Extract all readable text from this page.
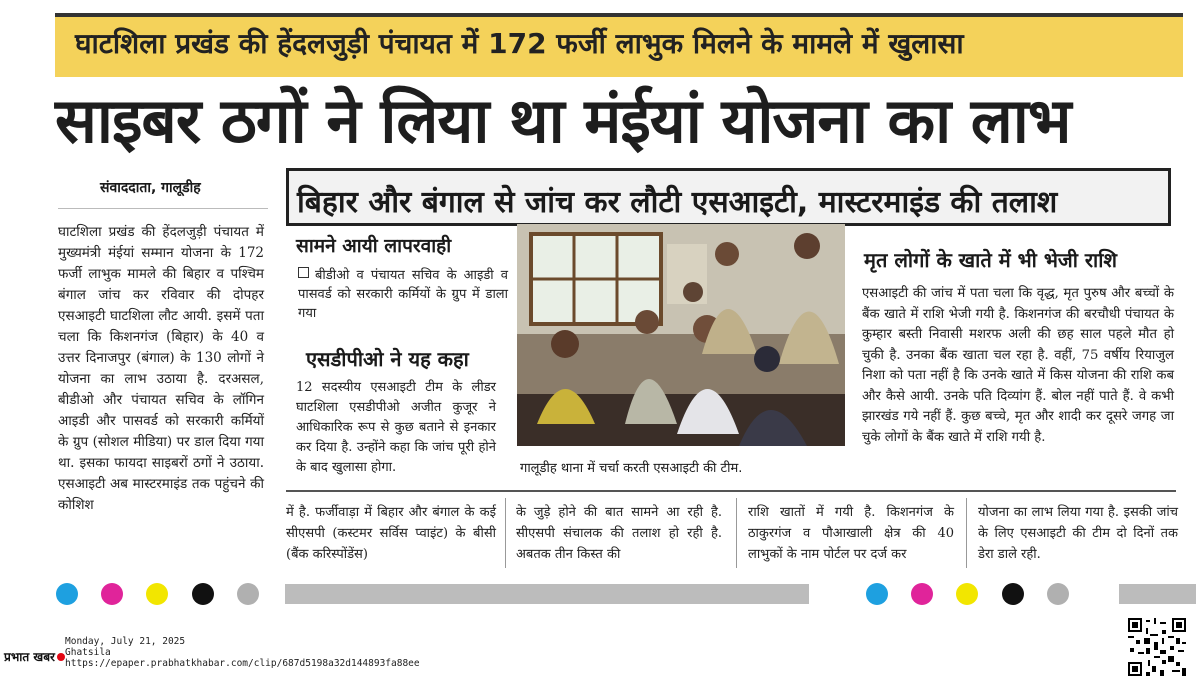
घाटशिला प्रखंड की हेंदलजुड़ी पंचायत में 172 फर्जी लाभुक मिलने के मामले में खुलासा
साइबर ठगों ने लिया था मंईयां योजना का लाभ
संवाददाता, गालूडीह	बिहार और बंगाल से जांच कर लौटी एसआइटी, मास्टरमाइंड की तलाश
घाटशिला प्रखंड की हेंदलजुड़ी पंचायत में मुख्यमंत्री मंईयां सम्मान योजना के 172 फर्जी लाभुक मामले की बिहार व पश्चिम बंगाल जांच कर रविवार की दोपहर एसआइटी घाटशिला लौट आयी. इसमें पता चला कि किशनगंज (बिहार) के 40 व उत्तर दिनाजपुर (बंगाल) के 130 लोगों ने योजना का लाभ उठाया है. दरअसल, बीडीओ और पंचायत सचिव के लॉगिन आइडी और पासवर्ड को सरकारी कर्मियों के ग्रुप (सोशल मीडिया) पर डाल दिया गया था. इसका फायदा साइबरों ठगों ने उठाया. एसआइटी अब मास्टरमाइंड तक पहुंचने की कोशिश
सामने आयी लापरवाही
बीडीओ व पंचायत सचिव के आइडी व पासवर्ड को सरकारी कर्मियों के ग्रुप में डाला गया
एसडीपीओ ने यह कहा
12 सदस्यीय एसआइटी टीम के लीडर घाटशिला एसडीपीओ अजीत कुजूर ने आधिकारिक रूप से कुछ बताने से इनकार कर दिया है. उन्होंने कहा कि जांच पूरी होने के बाद खुलासा होगा.	गालूडीह थाना में चर्चा करती एसआइटी की टीम.
मृत लोगों के खाते में भी भेजी राशि
एसआइटी की जांच में पता चला कि वृद्ध, मृत पुरुष और बच्चों के बैंक खाते में राशि भेजी गयी है. किशनगंज की बरचौधी पंचायत के कुम्हार बस्ती निवासी मशरफ अली की छह साल पहले मौत हो चुकी है. उनका बैंक खाता चल रहा है. वहीं, 75 वर्षीय रियाजुल निशा को पता नहीं है कि उनके खाते में किस योजना की राशि कब और कैसे आयी. उनके पति दिव्यांग हैं. बोल नहीं पाते हैं. वे कभी झारखंड गये नहीं हैं. कुछ बच्चे, मृत और शादी कर दूसरे जगह जा चुके लोगों के बैंक खाते में राशि गयी है.
में है. फर्जीवाड़ा में बिहार और बंगाल के कई सीएसपी (कस्टमर सर्विस प्वाइंट) के बीसी (बैंक करिस्पोंडेंस)
के जुड़े होने की बात सामने आ रही है. सीएसपी संचालक की तलाश हो रही है. अबतक तीन किस्त की
राशि खातों में गयी है. किशनगंज के ठाकुरगंज व पौआखाली क्षेत्र की 40 लाभुकों के नाम पोर्टल पर दर्ज कर
योजना का लाभ लिया गया है. इसकी जांच के लिए एसआइटी की टीम दो दिनों तक डेरा डाले रही.
प्रभात खबर
Monday, July 21, 2025
Ghatsila
https://epaper.prabhatkhabar.com/clip/687d5198a32d144893fa88ee
